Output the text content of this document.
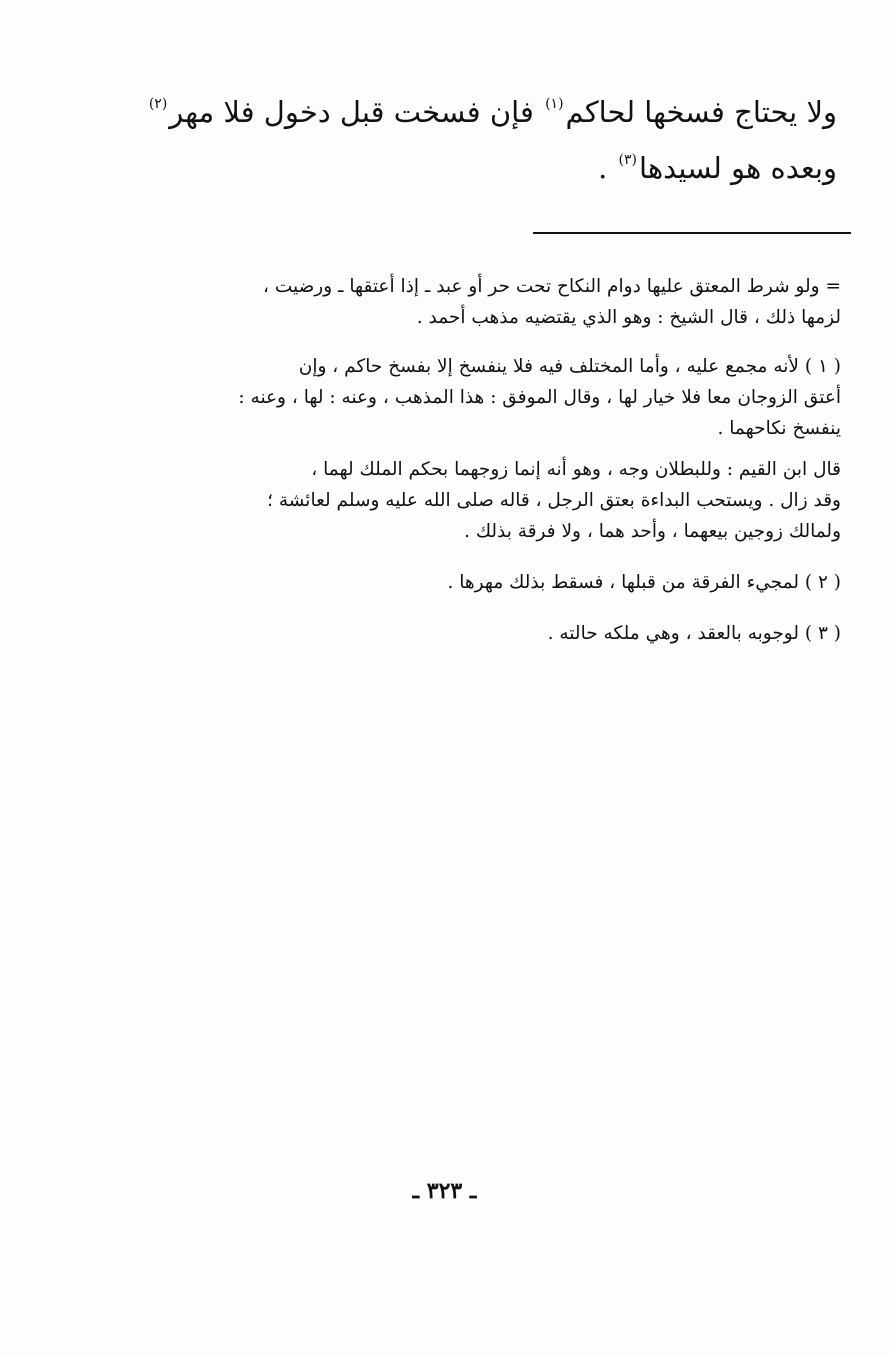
ولا يحتاج فسخها لحاكم$^{(١)}$ فإن فسخت قبل دخول فلا مهر$^{(٢)}$
وبعده هو لسيدها$^{(٣)}$ .

= ولو شرط المعتق عليها دوام النكاح تحت حر أو عبد ـ إذا أعتقها ـ ورضيت ،
لزمها ذلك ، قال الشيخ : وهو الذي يقتضيه مذهب أحمد .

( ١ ) لأنه مجمع عليه ، وأما المختلف فيه فلا ينفسخ إلا بفسخ حاكم ، وإن
أعتق الزوجان معا فلا خيار لها ، وقال الموفق : هذا المذهب ، وعنه : لها ، وعنه :
ينفسخ نكاحهما .

قال ابن القيم : وللبطلان وجه ، وهو أنه إنما زوجهما بحكم الملك لهما ،
وقد زال . ويستحب البداءة بعتق الرجل ، قاله صلى الله عليه وسلم لعائشة ؛
ولمالك زوجين بيعهما ، وأحد هما ، ولا فرقة بذلك .

( ٢ ) لمجيء الفرقة من قبلها ، فسقط بذلك مهرها .

( ٣ ) لوجوبه بالعقد ، وهي ملكه حالته .

ـ ٣٢٣ ـ
